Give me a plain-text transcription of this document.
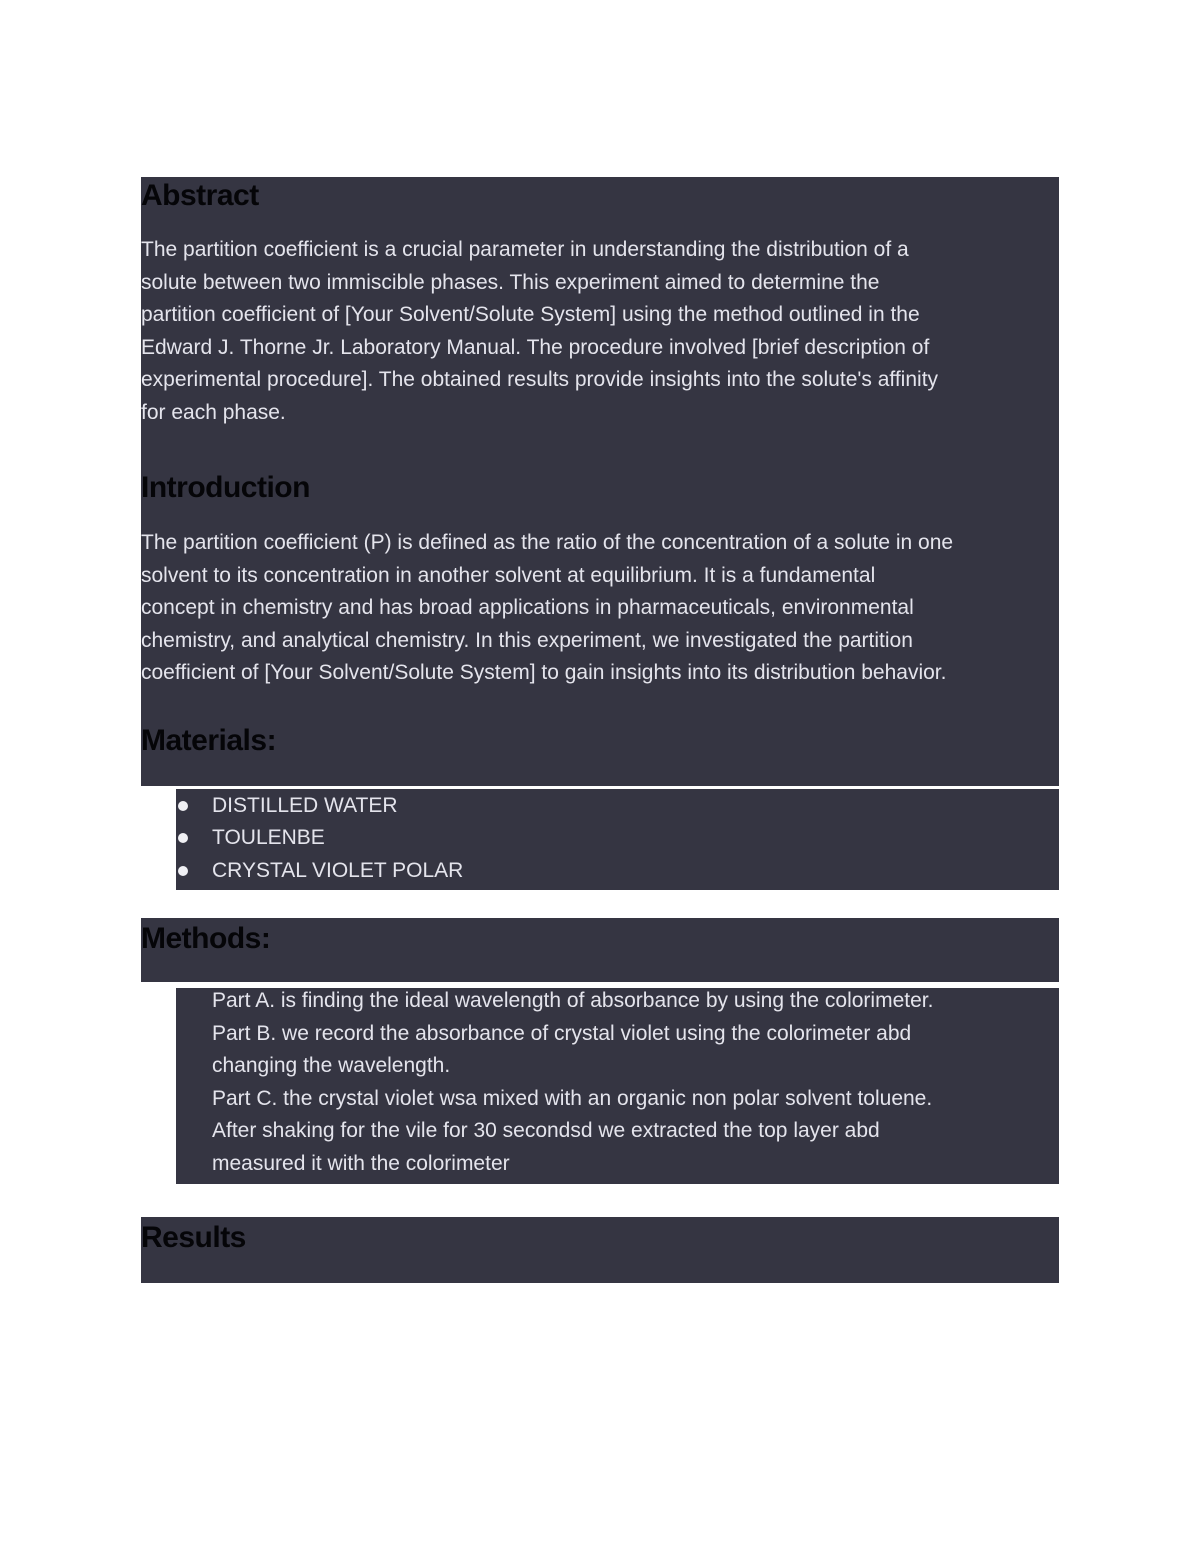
Abstract
The partition coefficient is a crucial parameter in understanding the distribution of a
solute between two immiscible phases. This experiment aimed to determine the
partition coefficient of [Your Solvent/Solute System] using the method outlined in the
Edward J. Thorne Jr. Laboratory Manual. The procedure involved [brief description of
experimental procedure]. The obtained results provide insights into the solute's affinity
for each phase.
Introduction
The partition coefficient (P) is defined as the ratio of the concentration of a solute in one
solvent to its concentration in another solvent at equilibrium. It is a fundamental
concept in chemistry and has broad applications in pharmaceuticals, environmental
chemistry, and analytical chemistry. In this experiment, we investigated the partition
coefficient of [Your Solvent/Solute System] to gain insights into its distribution behavior.
Materials:
DISTILLED WATER
TOULENBE
CRYSTAL VIOLET POLAR
Methods:
Part A. is finding the ideal wavelength of absorbance by using the colorimeter.
Part B. we record the absorbance of crystal violet using the colorimeter abd
changing the wavelength.
Part C. the crystal violet wsa mixed with an organic non polar solvent toluene.
After shaking for the vile for 30 secondsd we extracted the top layer abd
measured it with the colorimeter
Results
